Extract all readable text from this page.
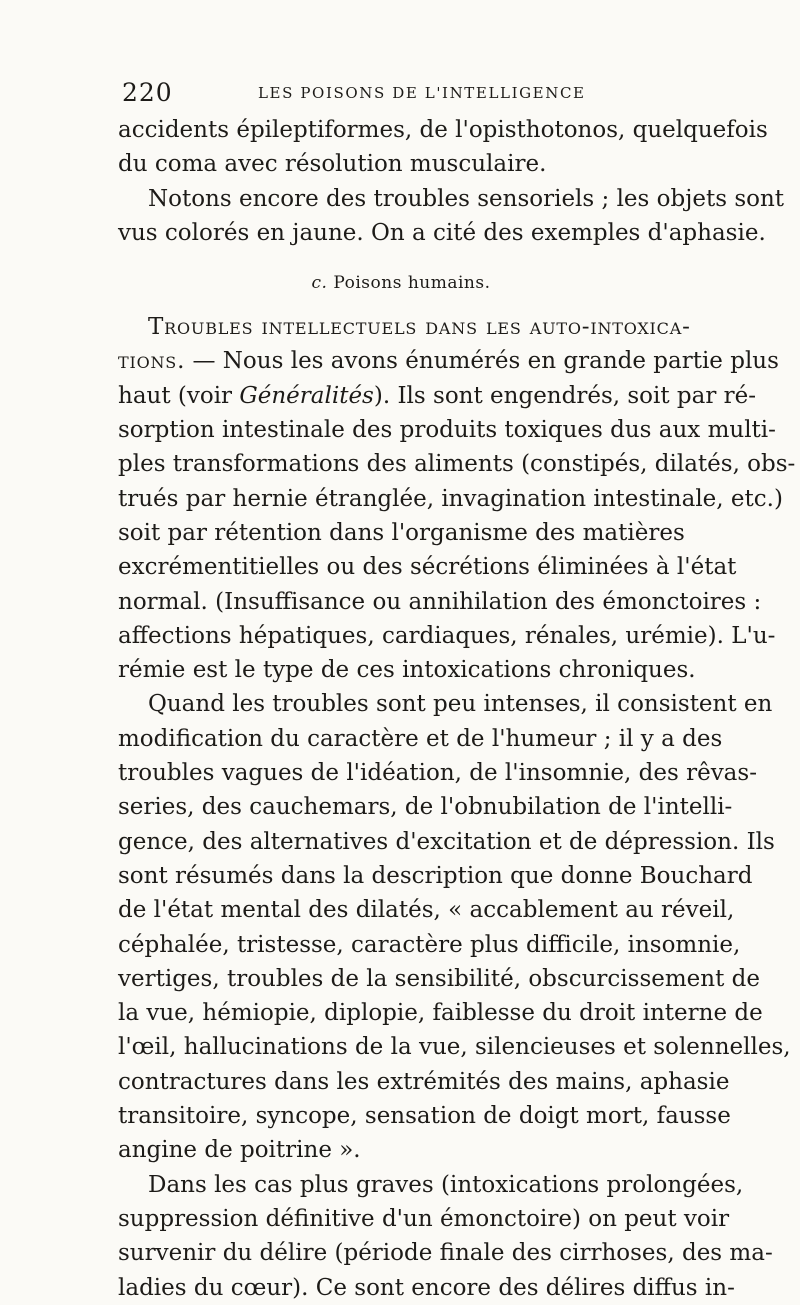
220	LES POISONS DE L'INTELLIGENCE
accidents épileptiformes, de l'opisthotonos, quelquefois
du coma avec résolution musculaire.
Notons encore des troubles sensoriels ; les objets sont
vus colorés en jaune. On a cité des exemples d'aphasie.
c. Poisons humains.
Troubles intellectuels dans les auto-intoxica-
tions. — Nous les avons énumérés en grande partie plus
haut (voir Généralités). Ils sont engendrés, soit par ré-
sorption intestinale des produits toxiques dus aux multi-
ples transformations des aliments (constipés, dilatés, obs-
trués par hernie étranglée, invagination intestinale, etc.)
soit par rétention dans l'organisme des matières
excrémentitielles ou des sécrétions éliminées à l'état
normal. (Insuffisance ou annihilation des émonctoires :
affections hépatiques, cardiaques, rénales, urémie). L'u-
rémie est le type de ces intoxications chroniques.
Quand les troubles sont peu intenses, il consistent en
modification du caractère et de l'humeur ; il y a des
troubles vagues de l'idéation, de l'insomnie, des rêvas-
series, des cauchemars, de l'obnubilation de l'intelli-
gence, des alternatives d'excitation et de dépression. Ils
sont résumés dans la description que donne Bouchard
de l'état mental des dilatés, « accablement au réveil,
céphalée, tristesse, caractère plus difficile, insomnie,
vertiges, troubles de la sensibilité, obscurcissement de
la vue, hémiopie, diplopie, faiblesse du droit interne de
l'œil, hallucinations de la vue, silencieuses et solennelles,
contractures dans les extrémités des mains, aphasie
transitoire, syncope, sensation de doigt mort, fausse
angine de poitrine ».
Dans les cas plus graves (intoxications prolongées,
suppression définitive d'un émonctoire) on peut voir
survenir du délire (période finale des cirrhoses, des ma-
ladies du cœur). Ce sont encore des délires diffus in-
